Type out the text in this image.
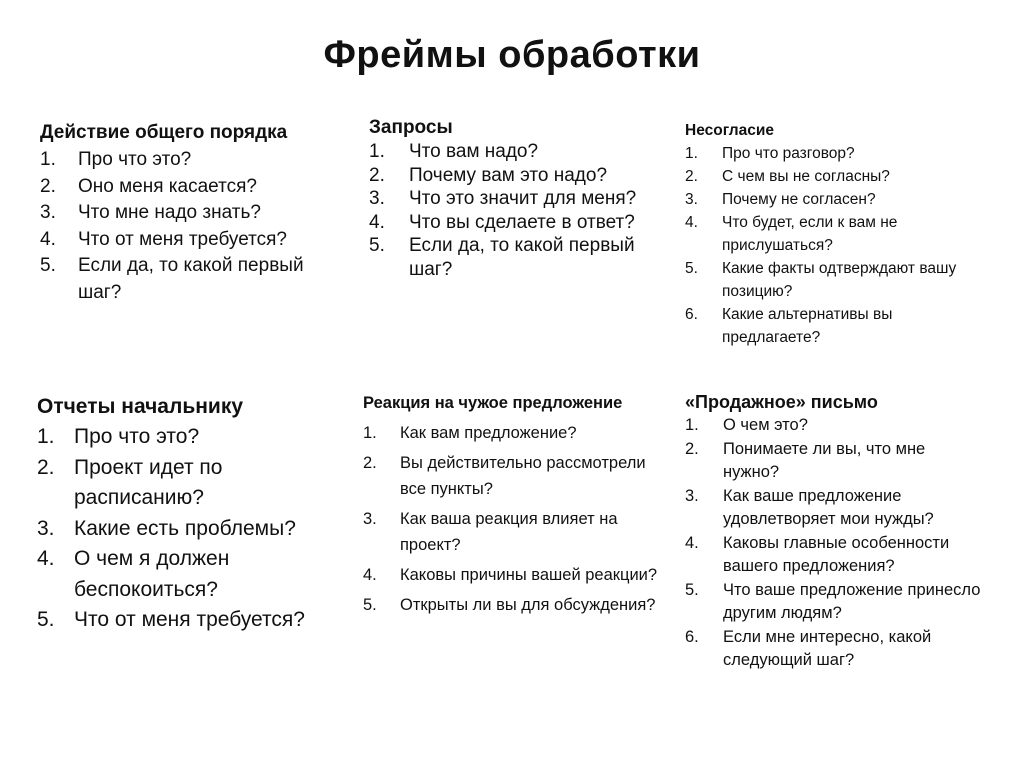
Фреймы обработки
Действие общего порядка
1.	Про что это?
2.	Оно меня касается?
3.	Что мне надо знать?
4.	Что от меня требуется?
5.	Если да, то какой первый шаг?
Запросы
1.	Что вам надо?
2.	Почему вам это надо?
3.	Что это значит для меня?
4.	Что вы сделаете в ответ?
5.	Если да, то какой первый шаг?
Несогласие
1.	Про что разговор?
2.	С чем вы не согласны?
3.	Почему не согласен?
4.	Что будет, если к вам не прислушаться?
5.	Какие факты одтверждают вашу позицию?
6.	Какие альтернативы вы предлагаете?
Отчеты начальнику
1. Про что это?
2. Проект идет по расписанию?
3. Какие есть проблемы?
4. О чем я должен беспокоиться?
5. Что от меня требуется?
Реакция на чужое предложение
1.	Как вам предложение?
2.	Вы действительно рассмотрели все пункты?
3.	Как ваша реакция влияет на проект?
4.	Каковы причины вашей реакции?
5.	Открыты ли вы для обсуждения?
«Продажное» письмо
1.	О чем это?
2.	Понимаете ли вы, что мне нужно?
3.	Как ваше предложение удовлетворяет мои нужды?
4.	Каковы главные особенности вашего предложения?
5.	Что ваше предложение принесло другим людям?
6.	Если мне интересно, какой следующий шаг?
